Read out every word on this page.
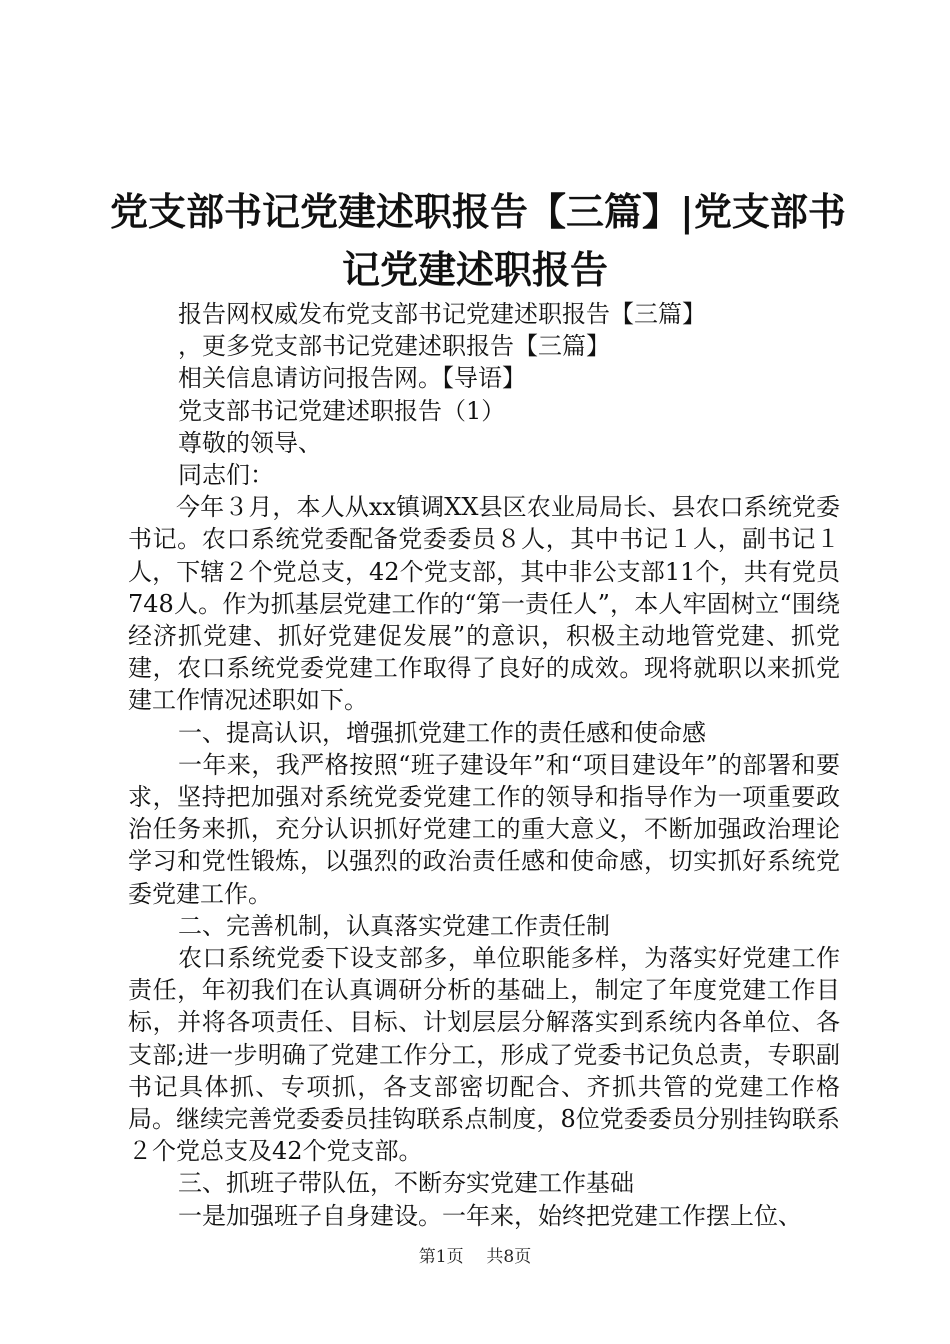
党支部书记党建述职报告【三篇】|党支部书
记党建述职报告

报告网权威发布党支部书记党建述职报告【三篇】

，更多党支部书记党建述职报告【三篇】

相关信息请访问报告网。【导语】

党支部书记党建述职报告（1）

尊敬的领导、

同志们：

今年３月，本人从xx镇调XX县区农业局局长、县农口系统党委书记。农口系统党委配备党委委员８人，其中书记１人，副书记１人，下辖２个党总支，42个党支部，其中非公支部11个，共有党员748人。作为抓基层党建工作的“第一责任人”，本人牢固树立“围绕经济抓党建、抓好党建促发展”的意识，积极主动地管党建、抓党建，农口系统党委党建工作取得了良好的成效。现将就职以来抓党建工作情况述职如下。

一、提高认识，增强抓党建工作的责任感和使命感

一年来，我严格按照“班子建设年”和“项目建设年”的部署和要求，坚持把加强对系统党委党建工作的领导和指导作为一项重要政治任务来抓，充分认识抓好党建工的重大意义，不断加强政治理论学习和党性锻炼，以强烈的政治责任感和使命感，切实抓好系统党委党建工作。

二、完善机制，认真落实党建工作责任制

农口系统党委下设支部多，单位职能多样，为落实好党建工作责任，年初我们在认真调研分析的基础上，制定了年度党建工作目标，并将各项责任、目标、计划层层分解落实到系统内各单位、各支部;进一步明确了党建工作分工，形成了党委书记负总责，专职副书记具体抓、专项抓，各支部密切配合、齐抓共管的党建工作格局。继续完善党委委员挂钩联系点制度，8位党委委员分别挂钩联系２个党总支及42个党支部。

三、抓班子带队伍，不断夯实党建工作基础

一是加强班子自身建设。一年来，始终把党建工作摆上位、

第1页 共8页
